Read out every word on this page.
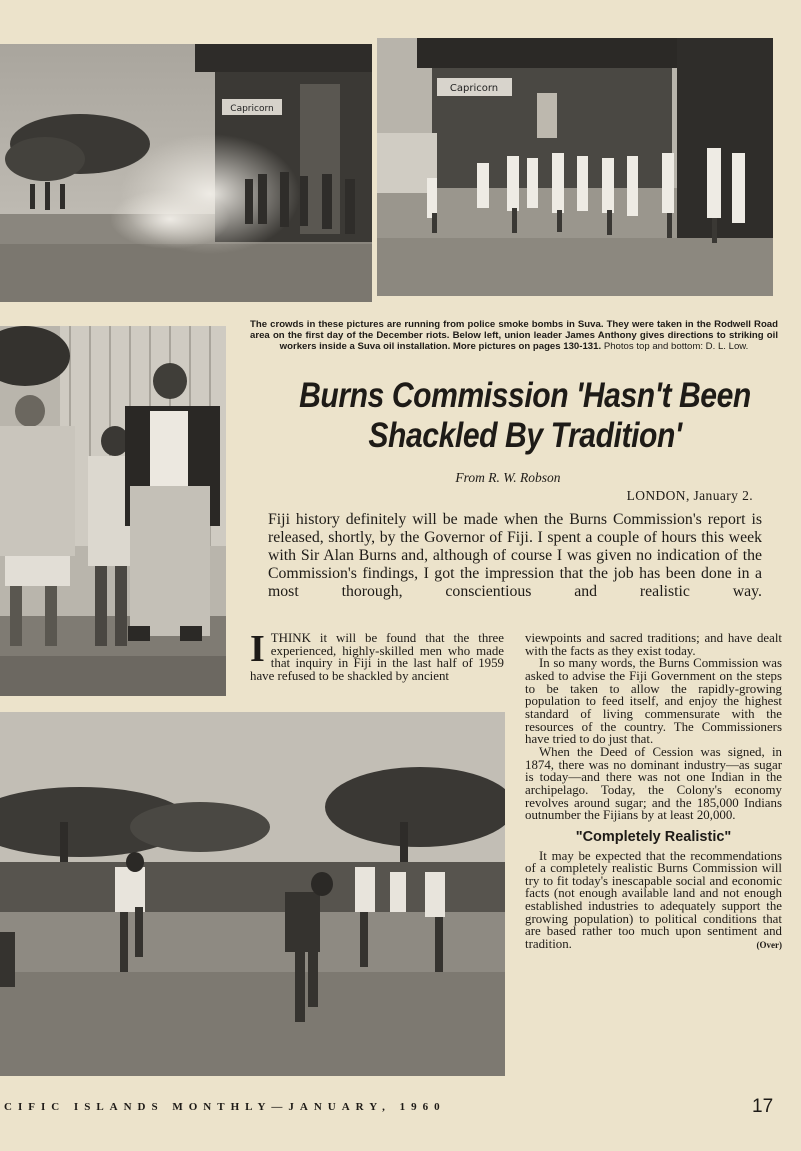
Capricorn
Capricorn
The crowds in these pictures are running from police smoke bombs in Suva. They were taken in the Rodwell Road area on the first day of the December riots. Below left, union leader James Anthony gives directions to striking oil workers inside a Suva oil installation. More pictures on pages 130-131. Photos top and bottom: D. L. Low.
Burns Commission 'Hasn't Been
Shackled By Tradition'
From R. W. Robson
LONDON, January 2.
Fiji history definitely will be made when the Burns Commission's report is released, shortly, by the Governor of Fiji. I spent a couple of hours this week with Sir Alan Burns and, although of course I was given no indication of the Commission's findings, I got the impression that the job has been done in a most thorough, conscientious and realistic way.

I THINK it will be found that the three experienced, highly-skilled men who made that inquiry in Fiji in the last half of 1959 have refused to be shackled by ancient

viewpoints and sacred traditions; and have dealt with the facts as they exist today.

In so many words, the Burns Commission was asked to advise the Fiji Government on the steps to be taken to allow the rapidly-growing population to feed itself, and enjoy the highest standard of living commensurate with the resources of the country. The Commissioners have tried to do just that.

When the Deed of Cession was signed, in 1874, there was no dominant industry—as sugar is today—and there was not one Indian in the archipelago. Today, the Colony's economy revolves around sugar; and the 185,000 Indians outnumber the Fijians by at least 20,000.

"Completely Realistic"

It may be expected that the recommendations of a completely realistic Burns Commission will try to fit today's inescapable social and economic facts (not enough available land and not enough established industries to adequately support the growing population) to political conditions that are based rather too much upon sentiment and tradition.	(Over)

CIFIC ISLANDS MONTHLY—JANUARY, 1960	17
